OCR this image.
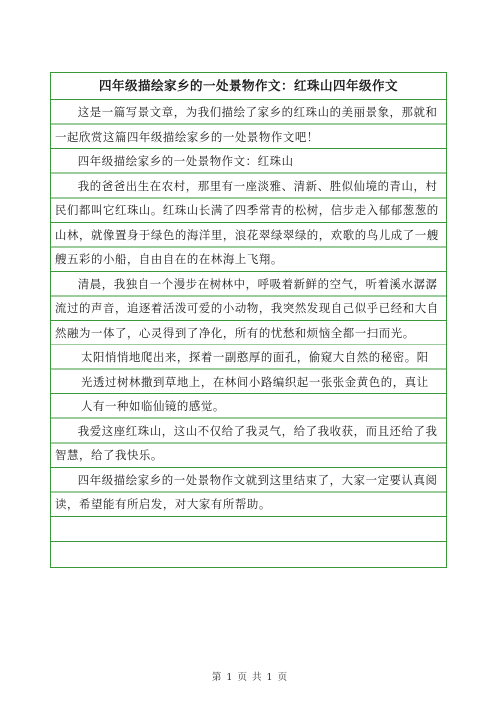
四年级描绘家乡的一处景物作文：红珠山四年级作文

这是一篇写景文章，为我们描绘了家乡的红珠山的美丽景象，那就和一起欣赏这篇四年级描绘家乡的一处景物作文吧！

四年级描绘家乡的一处景物作文：红珠山

我的爸爸出生在农村，那里有一座淡雅、清新、胜似仙境的青山，村民们都叫它红珠山。红珠山长满了四季常青的松树，信步走入郁郁葱葱的山林，就像置身于绿色的海洋里，浪花翠绿翠绿的，欢歌的鸟儿成了一艘艘五彩的小船，自由自在的在林海上飞翔。

清晨，我独自一个漫步在树林中，呼吸着新鲜的空气，听着溪水潺潺流过的声音，追逐着活泼可爱的小动物，我突然发现自己似乎已经和大自然融为一体了，心灵得到了净化，所有的忧愁和烦恼全都一扫而光。

太阳悄悄地爬出来，探着一副憨厚的面孔，偷窥大自然的秘密。阳光透过树林撒到草地上，在林间小路编织起一张张金黄色的，真让人有一种如临仙镜的感觉。

我爱这座红珠山，这山不仅给了我灵气，给了我收获，而且还给了我智慧，给了我快乐。

四年级描绘家乡的一处景物作文就到这里结束了，大家一定要认真阅读，希望能有所启发，对大家有所帮助。

第 1 页 共 1 页
